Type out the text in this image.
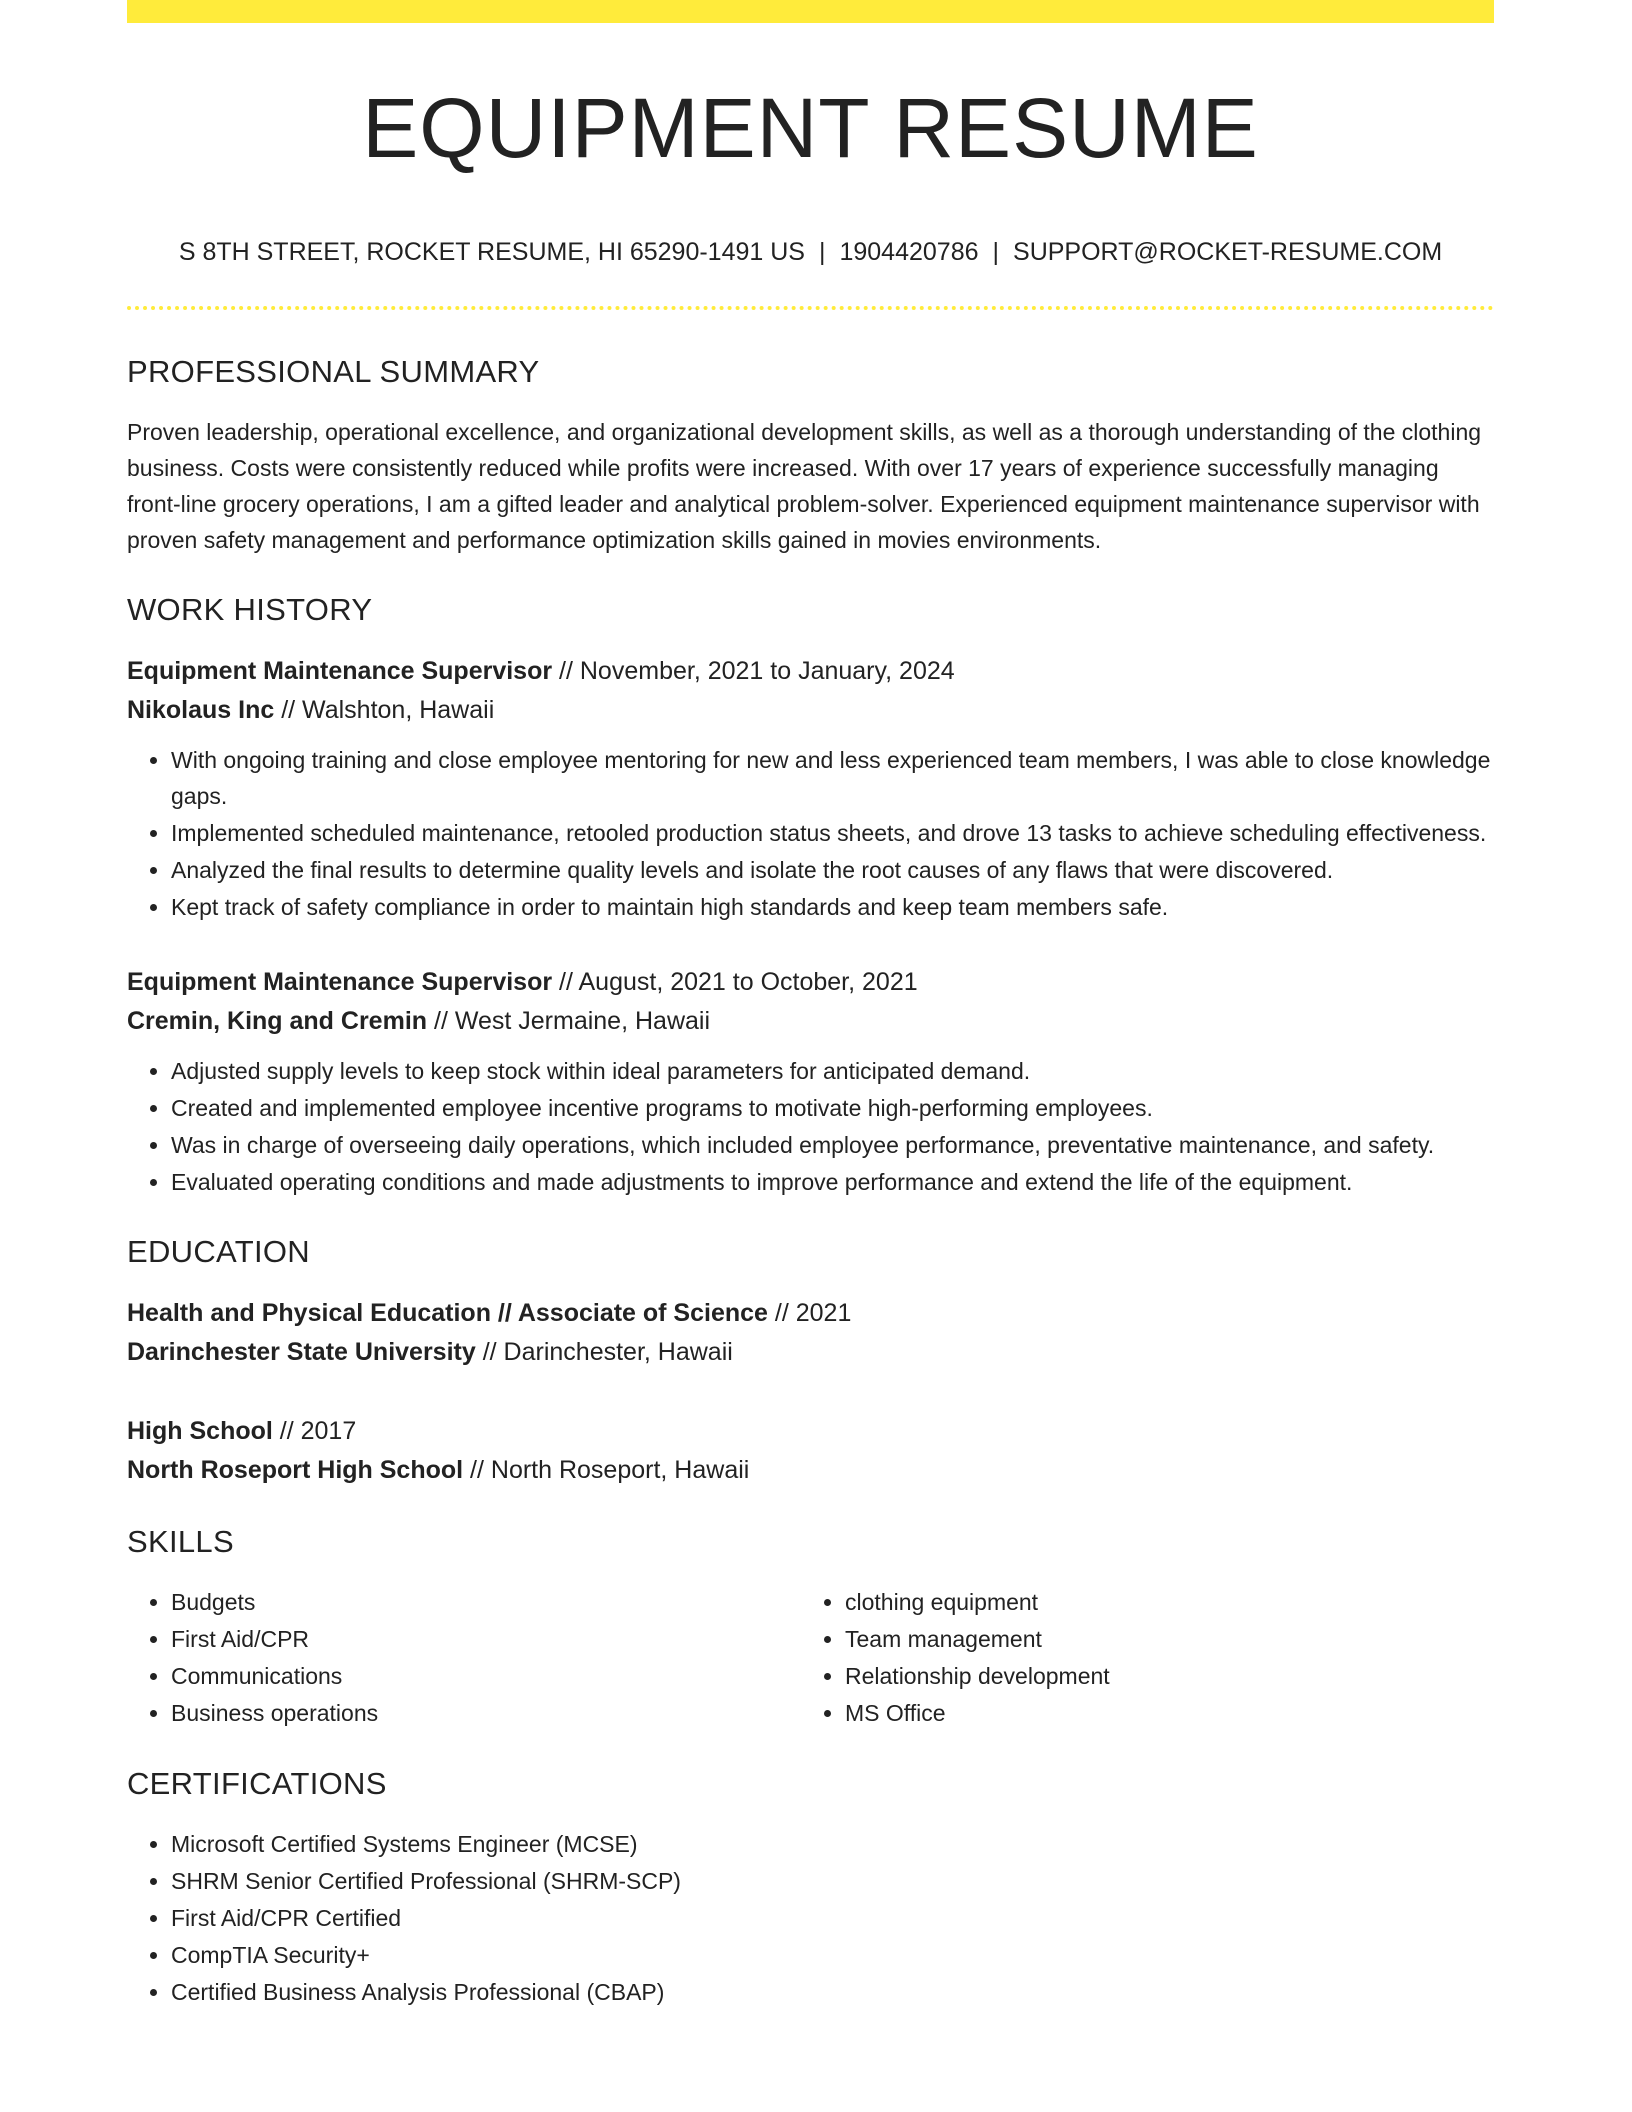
EQUIPMENT RESUME
S 8TH STREET, ROCKET RESUME, HI 65290-1491 US | 1904420786 | SUPPORT@ROCKET-RESUME.COM
PROFESSIONAL SUMMARY

Proven leadership, operational excellence, and organizational development skills, as well as a thorough understanding of the clothing business. Costs were consistently reduced while profits were increased. With over 17 years of experience successfully managing front-line grocery operations, I am a gifted leader and analytical problem-solver. Experienced equipment maintenance supervisor with proven safety management and performance optimization skills gained in movies environments.

WORK HISTORY
Equipment Maintenance Supervisor // November, 2021 to January, 2024
Nikolaus Inc // Walshton, Hawaii
• With ongoing training and close employee mentoring for new and less experienced team members, I was able to close knowledge gaps.
• Implemented scheduled maintenance, retooled production status sheets, and drove 13 tasks to achieve scheduling effectiveness.
• Analyzed the final results to determine quality levels and isolate the root causes of any flaws that were discovered.
• Kept track of safety compliance in order to maintain high standards and keep team members safe.
Equipment Maintenance Supervisor // August, 2021 to October, 2021
Cremin, King and Cremin // West Jermaine, Hawaii
• Adjusted supply levels to keep stock within ideal parameters for anticipated demand.
• Created and implemented employee incentive programs to motivate high-performing employees.
• Was in charge of overseeing daily operations, which included employee performance, preventative maintenance, and safety.
• Evaluated operating conditions and made adjustments to improve performance and extend the life of the equipment.
EDUCATION
Health and Physical Education // Associate of Science // 2021
Darinchester State University // Darinchester, Hawaii
High School // 2017
North Roseport High School // North Roseport, Hawaii
SKILLS
• Budgets
• First Aid/CPR
• Communications
• Business operations
• clothing equipment
• Team management
• Relationship development
• MS Office
CERTIFICATIONS
• Microsoft Certified Systems Engineer (MCSE)
• SHRM Senior Certified Professional (SHRM-SCP)
• First Aid/CPR Certified
• CompTIA Security+
• Certified Business Analysis Professional (CBAP)
